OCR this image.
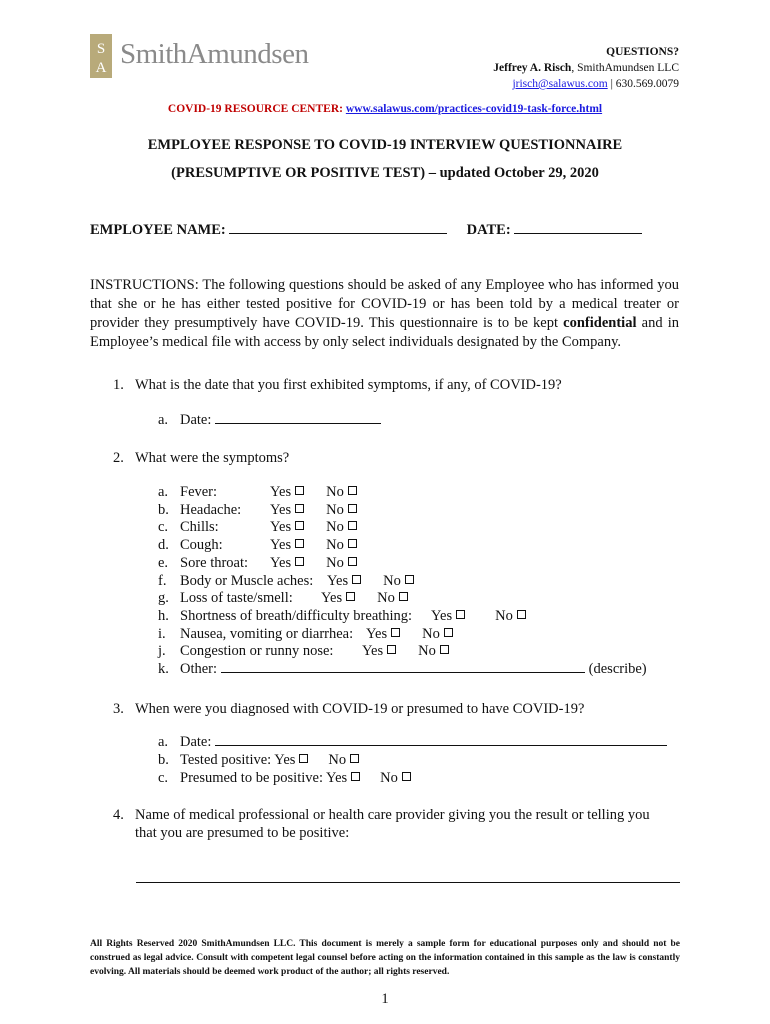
S
A SmithAmundsen	QUESTIONS?
Jeffrey A. Risch, SmithAmundsen LLC
jrisch@salawus.com | 630.569.0079
COVID-19 RESOURCE CENTER: www.salawus.com/practices-covid19-task-force.html
EMPLOYEE RESPONSE TO COVID-19 INTERVIEW QUESTIONNAIRE
(PRESUMPTIVE OR POSITIVE TEST) – updated October 29, 2020
EMPLOYEE NAME:	DATE:
INSTRUCTIONS: The following questions should be asked of any Employee who has informed you that she or he has either tested positive for COVID-19 or has been told by a medical treater or provider they presumptively have COVID-19. This questionnaire is to be kept confidential and in Employee’s medical file with access by only select individuals designated by the Company.
1. What is the date that you first exhibited symptoms, if any, of COVID-19?
a. Date:
2. What were the symptoms?
a. Fever:	Yes No
b. Headache: Yes No
c. Chills:	Yes No
d. Cough:	Yes No
e. Sore throat: Yes No
f. Body or Muscle aches: Yes No
g. Loss of taste/smell: Yes No
h. Shortness of breath/difficulty breathing: Yes	No
i. Nausea, vomiting or diarrhea: Yes No
j. Congestion or runny nose: Yes No
k. Other:	(describe)
3. When were you diagnosed with COVID-19 or presumed to have COVID-19?
a. Date:
b. Tested positive: Yes No
c. Presumed to be positive: Yes No
4. Name of medical professional or health care provider giving you the result or telling you
that you are presumed to be positive:
All Rights Reserved 2020 SmithAmundsen LLC. This document is merely a sample form for educational purposes only and should not be construed as legal advice. Consult with competent legal counsel before acting on the information contained in this sample as the law is constantly evolving. All materials should be deemed work product of the author; all rights reserved.
1
